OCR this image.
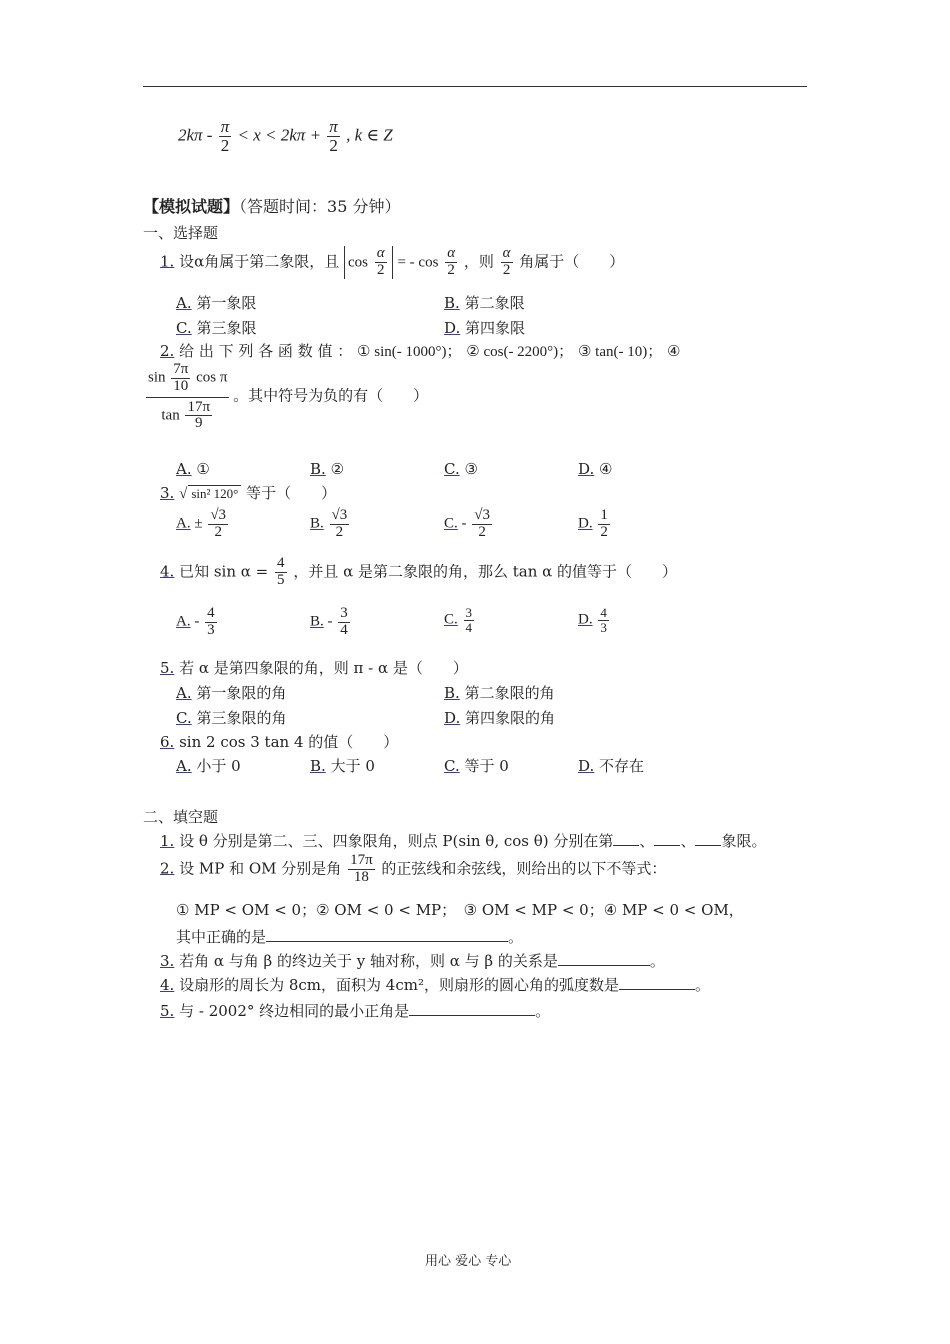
$2k\pi - \frac{\pi}{2} < x < 2k\pi + \frac{\pi}{2}$ , k ∈ Z
【模拟试题】（答题时间：35 分钟）
一、选择题
1. 设α角属于第二象限，且 $\cos \frac{\alpha}{2}$ = - $\cos \frac{\alpha}{2}$ ，则 $\frac{\alpha}{2}$ 角属于（　　）
A. 第一象限	B. 第二象限
C. 第三象限	D. 第四象限
2. 给 出 下 列 各 函 数 值 ： ① sin(- 1000°)； ② cos(- 2200°)； ③ tan(- 10)； ④
$\frac{\sin \frac{7\pi}{10} \cos \pi}{\tan \frac{17\pi}{9}}$ 。其中符号为负的有（　　）
A. ①	B. ②	C. ③	D. ④
3. √ sin² 120° 等于（　　）
A. ± $\frac{√3}{2}$	B. $\frac{√3}{2}$	C. - $\frac{√3}{2}$	D. $\frac{1}{2}$
4. 已知 $\sin \alpha = \frac{4}{5}$ ，并且 α 是第二象限的角，那么 tan α 的值等于（　　）
A. - $\frac{4}{3}$	B. - $\frac{3}{4}$	C. $\frac{3}{4}$	D. $\frac{4}{3}$
5. 若 α 是第四象限的角，则 π - α 是（　　）
A. 第一象限的角	B. 第二象限的角
C. 第三象限的角	D. 第四象限的角
6. sin 2 cos 3 tan 4 的值（　　）
A. 小于 0	B. 大于 0	C. 等于 0	D. 不存在
二、填空题
1. 设 θ 分别是第二、三、四象限角，则点 P(sin θ, cos θ) 分别在第 、 、 象限。
2. 设 MP 和 OM 分别是角 $\frac{17\pi}{18}$ 的正弦线和余弦线，则给出的以下不等式：
① MP < OM < 0；② OM < 0 < MP；　③ OM < MP < 0；④ MP < 0 < OM，
其中正确的是	。
3. 若角 α 与角 β 的终边关于 y 轴对称，则 α 与 β 的关系是	。
4. 设扇形的周长为 8cm，面积为 4cm²，则扇形的圆心角的弧度数是	。
5. 与 - 2002° 终边相同的最小正角是	。
用心 爱心 专心
